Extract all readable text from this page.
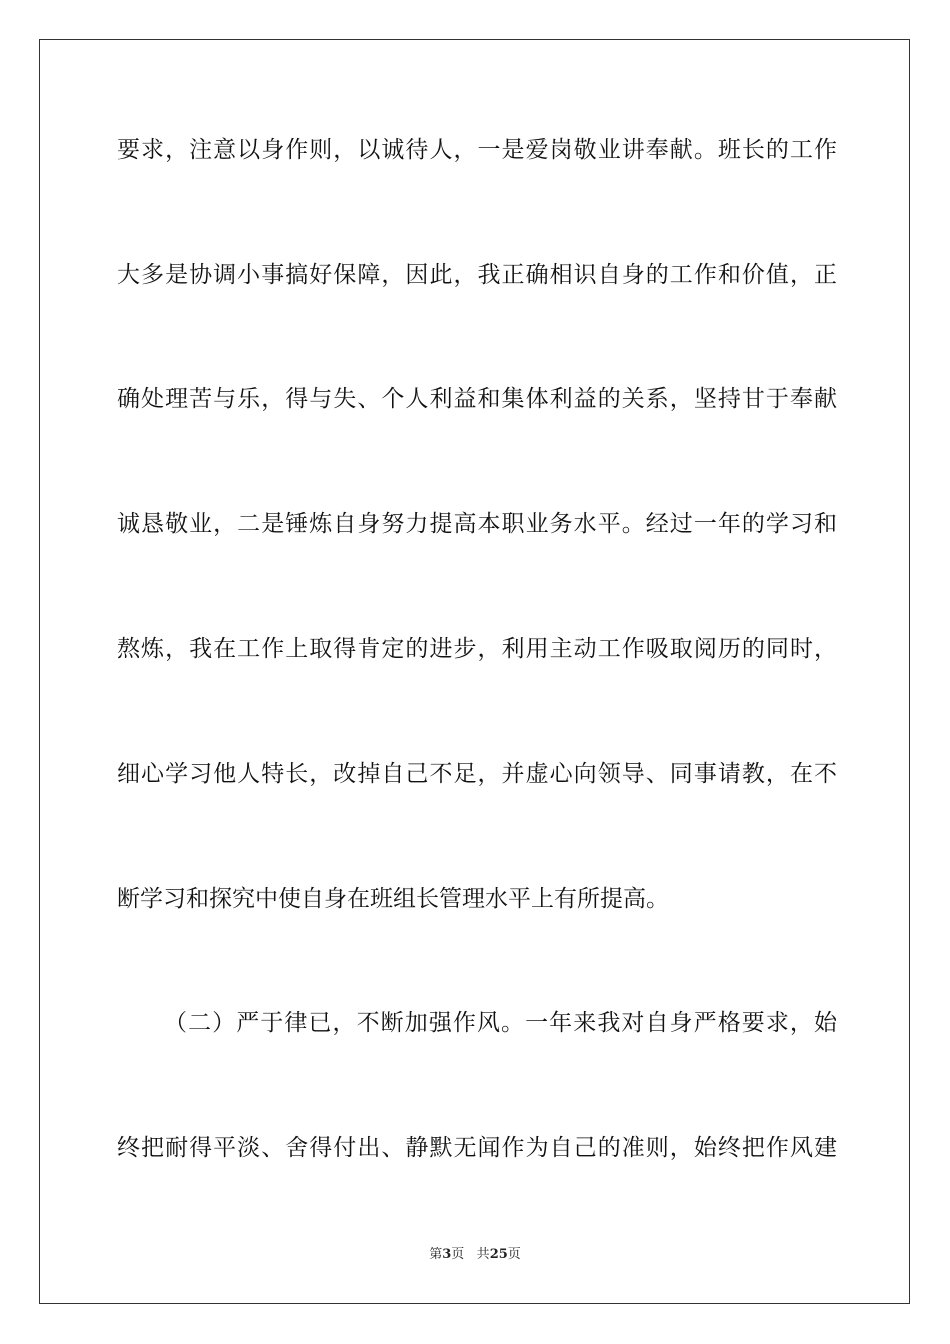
要求，注意以身作则，以诚待人，一是爱岗敬业讲奉献。班长的工作
大多是协调小事搞好保障，因此，我正确相识自身的工作和价值，正
确处理苦与乐，得与失、个人利益和集体利益的关系，坚持甘于奉献
诚恳敬业，二是锤炼自身努力提高本职业务水平。经过一年的学习和
熬炼，我在工作上取得肯定的进步，利用主动工作吸取阅历的同时，
细心学习他人特长，改掉自己不足，并虚心向领导、同事请教，在不
断学习和探究中使自身在班组长管理水平上有所提高。
（二）严于律已，不断加强作风。一年来我对自身严格要求，始
终把耐得平淡、舍得付出、静默无闻作为自己的准则，始终把作风建
第3页 共25页
